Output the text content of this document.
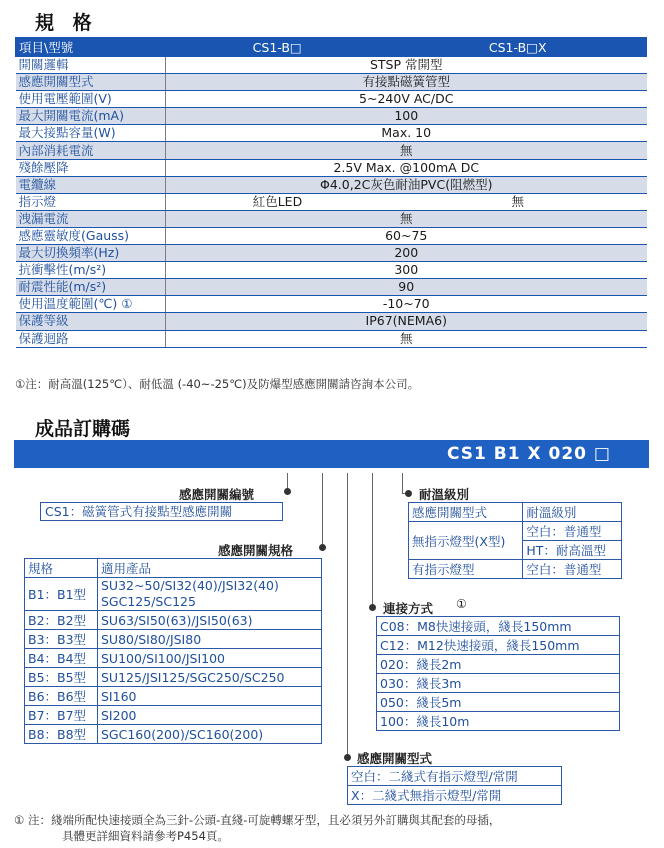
規 格
項目\型號	CS1-B□	CS1-B□X
開關邏輯	STSP 常開型	
感應開關型式	有接點磁簧管型	
使用電壓範圍(V)	5~240V AC/DC	
最大開關電流(mA)	100	
最大接點容量(W)	Max. 10	
內部消耗電流	無	
殘餘壓降	2.5V Max. @100mA DC	
電纜線	Φ4.0,2C灰色耐油PVC(阻燃型)	
指示燈	紅色LED	無
洩漏電流	無	
感應靈敏度(Gauss)	60~75	
最大切換頻率(Hz)	200	
抗衝擊性(m/s²)	300	
耐震性能(m/s²)	90	
使用溫度範圍(℃) ①	-10~70	
保護等級	IP67(NEMA6)	
保護迴路	無	
①注：耐高溫(125℃）、耐低溫 (-40~-25℃)及防爆型感應開關請咨詢本公司。
成品訂購碼
CS1 B1 X 020 □
感應開關編號
CS1：磁簧管式有接點型感應開關
耐溫級別
感應開關型式	耐溫級別
無指示燈型(X型)	空白：普通型
	HT：耐高溫型
有指示燈型	空白：普通型
感應開關規格
規格	適用產品
B1：B1型	SU32~50/SI32(40)/JSI32(40)
SGC125/SC125

B2：B2型	SU63/SI50(63)/JSI50(63)
B3：B3型	SU80/SI80/JSI80
B4：B4型	SU100/SI100/JSI100
B5：B5型	SU125/JSI125/SGC250/SC250
B6：B6型	SI160
B7：B7型	SI200
B8：B8型	SGC160(200)/SC160(200)
連接方式 ①
C08：M8快速接頭，綫長150mm
C12：M12快速接頭，綫長150mm
020：綫長2m
030：綫長3m
050：綫長5m
100：綫長10m
感應開關型式
空白：二綫式有指示燈型/常開
X：二綫式無指示燈型/常開
① 注：綫端所配快速接頭全為三針-公頭-直綫-可旋轉螺牙型，且必須另外訂購與其配套的母插，
具體更詳細資料請參考P454頁。
